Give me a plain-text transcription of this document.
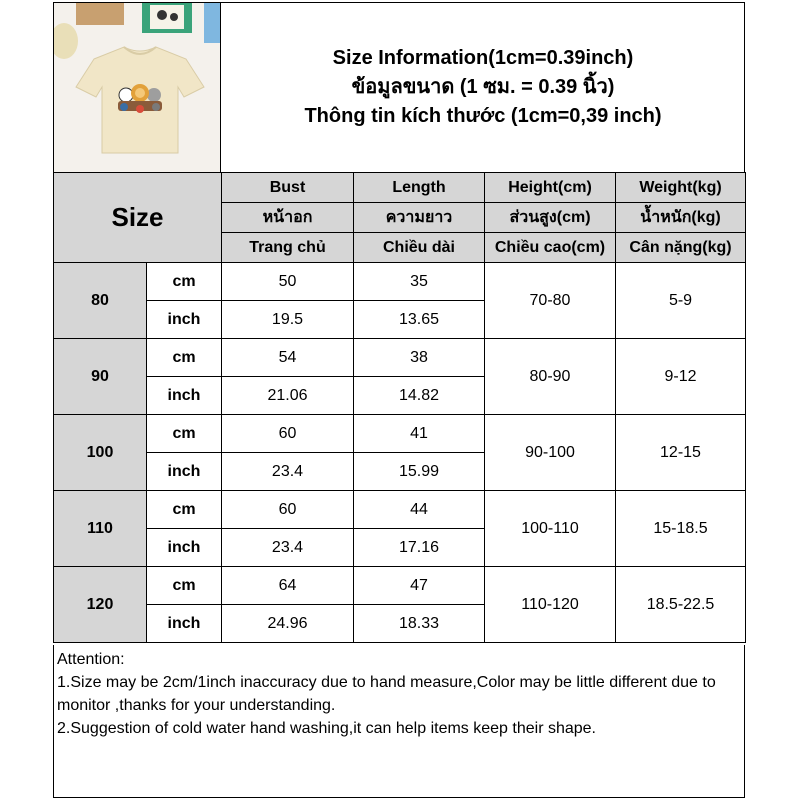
Size Information(1cm=0.39inch)
ข้อมูลขนาด (1 ซม. = 0.39 นิ้ว)
Thông tin kích thước (1cm=0,39 inch)
Size		Bust	Length	Height(cm)	Weight(kg)
		หน้าอก	ความยาว	ส่วนสูง(cm)	น้ำหนัก(kg)
		Trang chủ	Chiều dài	Chiều cao(cm)	Cân nặng(kg)
80	cm	50	35	70-80	5-9
	inch	19.5	13.65		
90	cm	54	38	80-90	9-12
	inch	21.06	14.82		
100	cm	60	41	90-100	12-15
	inch	23.4	15.99		
110	cm	60	44	100-110	15-18.5
	inch	23.4	17.16		
120	cm	64	47	110-120	18.5-22.5
	inch	24.96	18.33		
Attention:
1.Size may be 2cm/1inch inaccuracy due to hand measure,Color may be little different due to monitor ,thanks for your understanding.
2.Suggestion of cold water hand washing,it can help items keep their shape.
